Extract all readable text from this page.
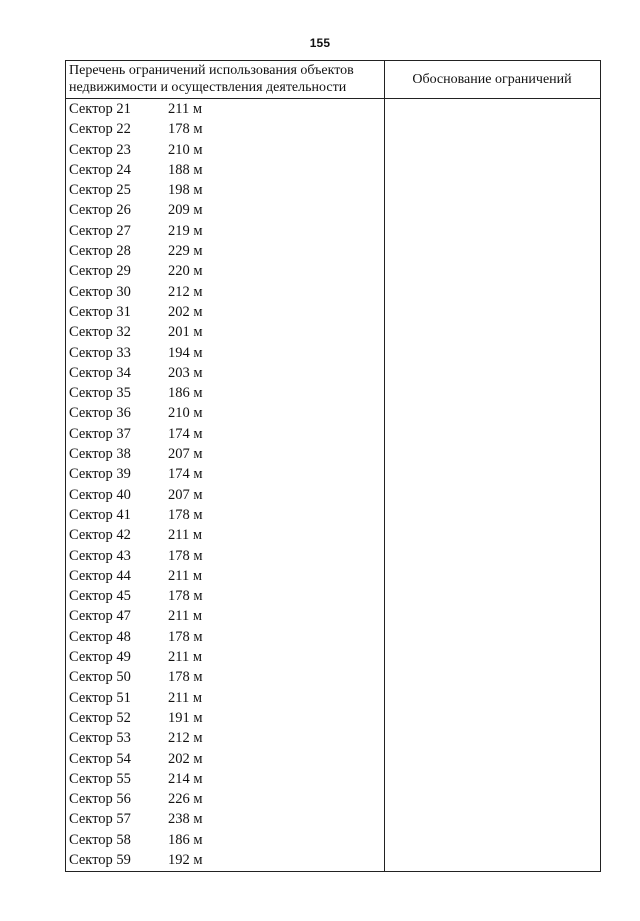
155
Перечень ограничений использования объектов недвижимости и осуществления деятельности
Обоснование ограничений
Сектор 21	211 м
Сектор 22	178 м
Сектор 23	210 м
Сектор 24	188 м
Сектор 25	198 м
Сектор 26	209 м
Сектор 27	219 м
Сектор 28	229 м
Сектор 29	220 м
Сектор 30	212 м
Сектор 31	202 м
Сектор 32	201 м
Сектор 33	194 м
Сектор 34	203 м
Сектор 35	186 м
Сектор 36	210 м
Сектор 37	174 м
Сектор 38	207 м
Сектор 39	174 м
Сектор 40	207 м
Сектор 41	178 м
Сектор 42	211 м
Сектор 43	178 м
Сектор 44	211 м
Сектор 45	178 м
Сектор 47	211 м
Сектор 48	178 м
Сектор 49	211 м
Сектор 50	178 м
Сектор 51	211 м
Сектор 52	191 м
Сектор 53	212 м
Сектор 54	202 м
Сектор 55	214 м
Сектор 56	226 м
Сектор 57	238 м
Сектор 58	186 м
Сектор 59	192 м
